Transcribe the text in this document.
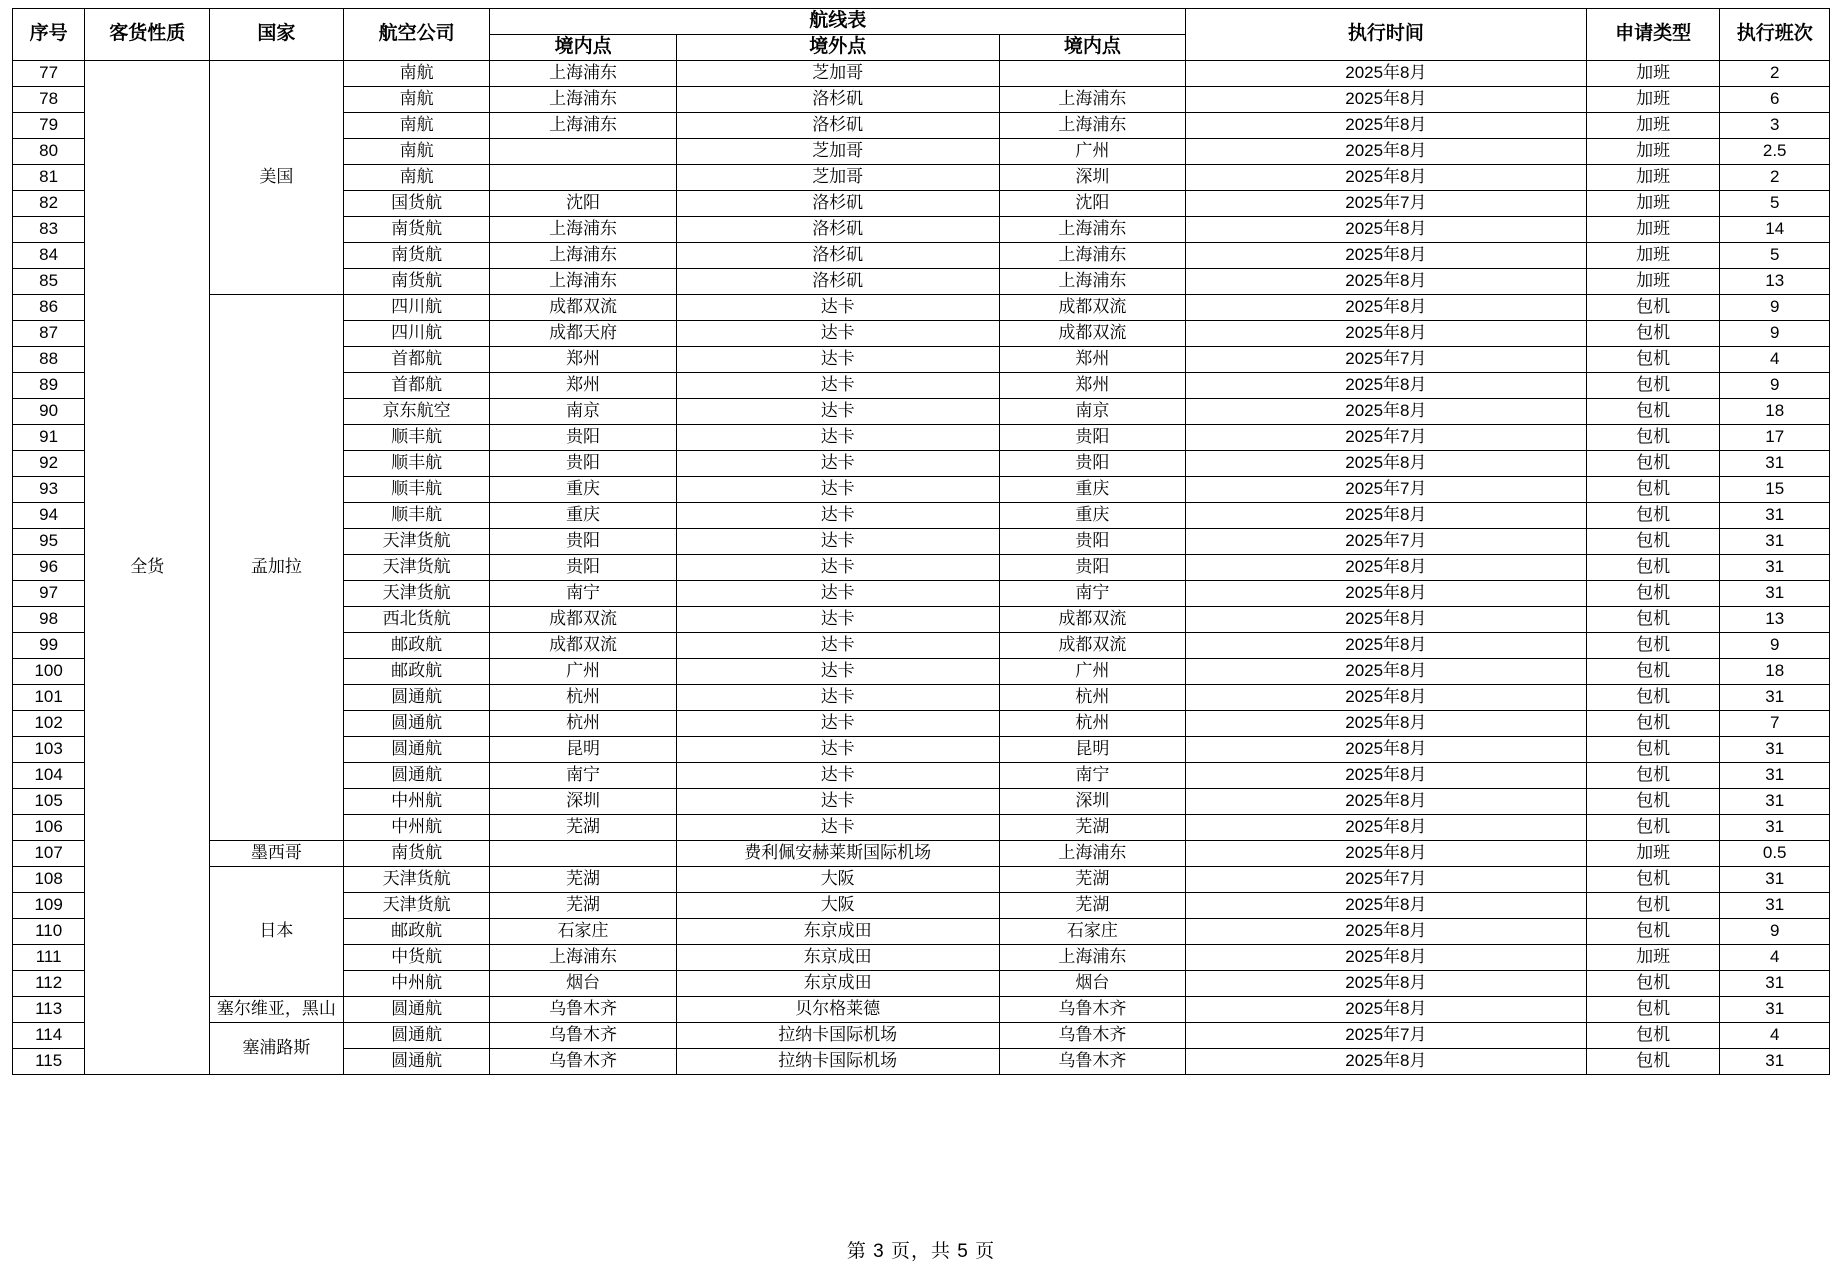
序号	客货性质	国家	航空公司	航线表			执行时间	申请类型	执行班次
				境内点	境外点	境内点			
77	全货	美国	南航	上海浦东	芝加哥		2025年8月	加班	2
78			南航	上海浦东	洛杉矶	上海浦东	2025年8月	加班	6
79			南航	上海浦东	洛杉矶	上海浦东	2025年8月	加班	3
80			南航		芝加哥	广州	2025年8月	加班	2.5
81			南航		芝加哥	深圳	2025年8月	加班	2
82			国货航	沈阳	洛杉矶	沈阳	2025年7月	加班	5
83			南货航	上海浦东	洛杉矶	上海浦东	2025年8月	加班	14
84			南货航	上海浦东	洛杉矶	上海浦东	2025年8月	加班	5
85			南货航	上海浦东	洛杉矶	上海浦东	2025年8月	加班	13
86		孟加拉	四川航	成都双流	达卡	成都双流	2025年8月	包机	9
87			四川航	成都天府	达卡	成都双流	2025年8月	包机	9
88			首都航	郑州	达卡	郑州	2025年7月	包机	4
89			首都航	郑州	达卡	郑州	2025年8月	包机	9
90			京东航空	南京	达卡	南京	2025年8月	包机	18
91			顺丰航	贵阳	达卡	贵阳	2025年7月	包机	17
92			顺丰航	贵阳	达卡	贵阳	2025年8月	包机	31
93			顺丰航	重庆	达卡	重庆	2025年7月	包机	15
94			顺丰航	重庆	达卡	重庆	2025年8月	包机	31
95			天津货航	贵阳	达卡	贵阳	2025年7月	包机	31
96			天津货航	贵阳	达卡	贵阳	2025年8月	包机	31
97			天津货航	南宁	达卡	南宁	2025年8月	包机	31
98			西北货航	成都双流	达卡	成都双流	2025年8月	包机	13
99			邮政航	成都双流	达卡	成都双流	2025年8月	包机	9
100			邮政航	广州	达卡	广州	2025年8月	包机	18
101			圆通航	杭州	达卡	杭州	2025年8月	包机	31
102			圆通航	杭州	达卡	杭州	2025年8月	包机	7
103			圆通航	昆明	达卡	昆明	2025年8月	包机	31
104			圆通航	南宁	达卡	南宁	2025年8月	包机	31
105			中州航	深圳	达卡	深圳	2025年8月	包机	31
106			中州航	芜湖	达卡	芜湖	2025年8月	包机	31
107		墨西哥	南货航		费利佩安赫莱斯国际机场	上海浦东	2025年8月	加班	0.5
108		日本	天津货航	芜湖	大阪	芜湖	2025年7月	包机	31
109			天津货航	芜湖	大阪	芜湖	2025年8月	包机	31
110			邮政航	石家庄	东京成田	石家庄	2025年8月	包机	9
111			中货航	上海浦东	东京成田	上海浦东	2025年8月	加班	4
112			中州航	烟台	东京成田	烟台	2025年8月	包机	31
113		塞尔维亚，黑山	圆通航	乌鲁木齐	贝尔格莱德	乌鲁木齐	2025年8月	包机	31
114		塞浦路斯	圆通航	乌鲁木齐	拉纳卡国际机场	乌鲁木齐	2025年7月	包机	4
115			圆通航	乌鲁木齐	拉纳卡国际机场	乌鲁木齐	2025年8月	包机	31
第 3 页，共 5 页
